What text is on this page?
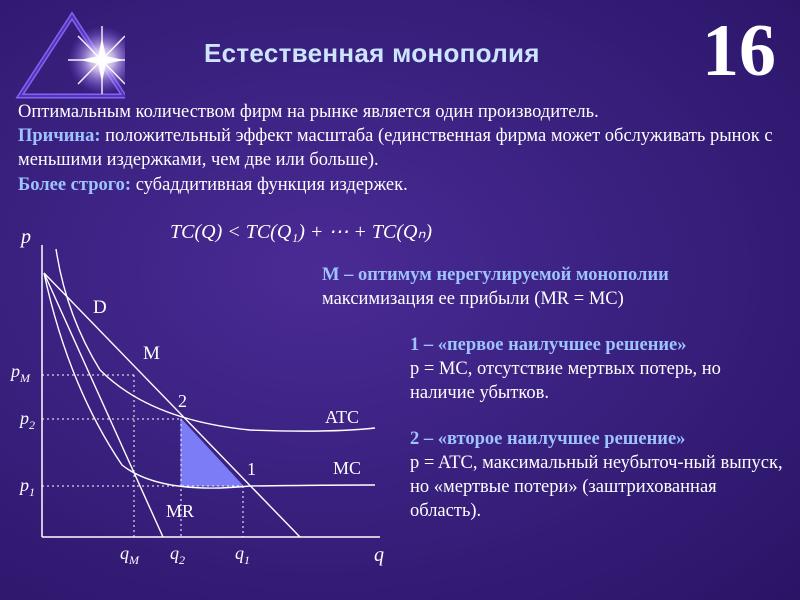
Естественная монополия 16
Оптимальным количеством фирм на рынке является один производитель.
Причина: положительный эффект масштаба (единственная фирма может обслуживать рынок с меньшими издержками, чем две или больше).
Более строго: субаддитивная функция издержек.
TC(Q) < TC(Q₁) + ⋯ + TC(Qₙ)
p
q
D
MR
ATC
MC
M
2
1
$p_M$
$p_2$
$p_1$
$q_M$ $q_2$	$q_1$
M – оптимум нерегулируемой монополии максимизация ее прибыли (MR = MC)
1 – «первое наилучшее решение»
p = MC, отсутствие мертвых потерь, но наличие убытков.
2 – «второе наилучшее решение»
p = ATC, максимальный неубыточ-ный выпуск, но «мертвые потери» (заштрихованная область).
